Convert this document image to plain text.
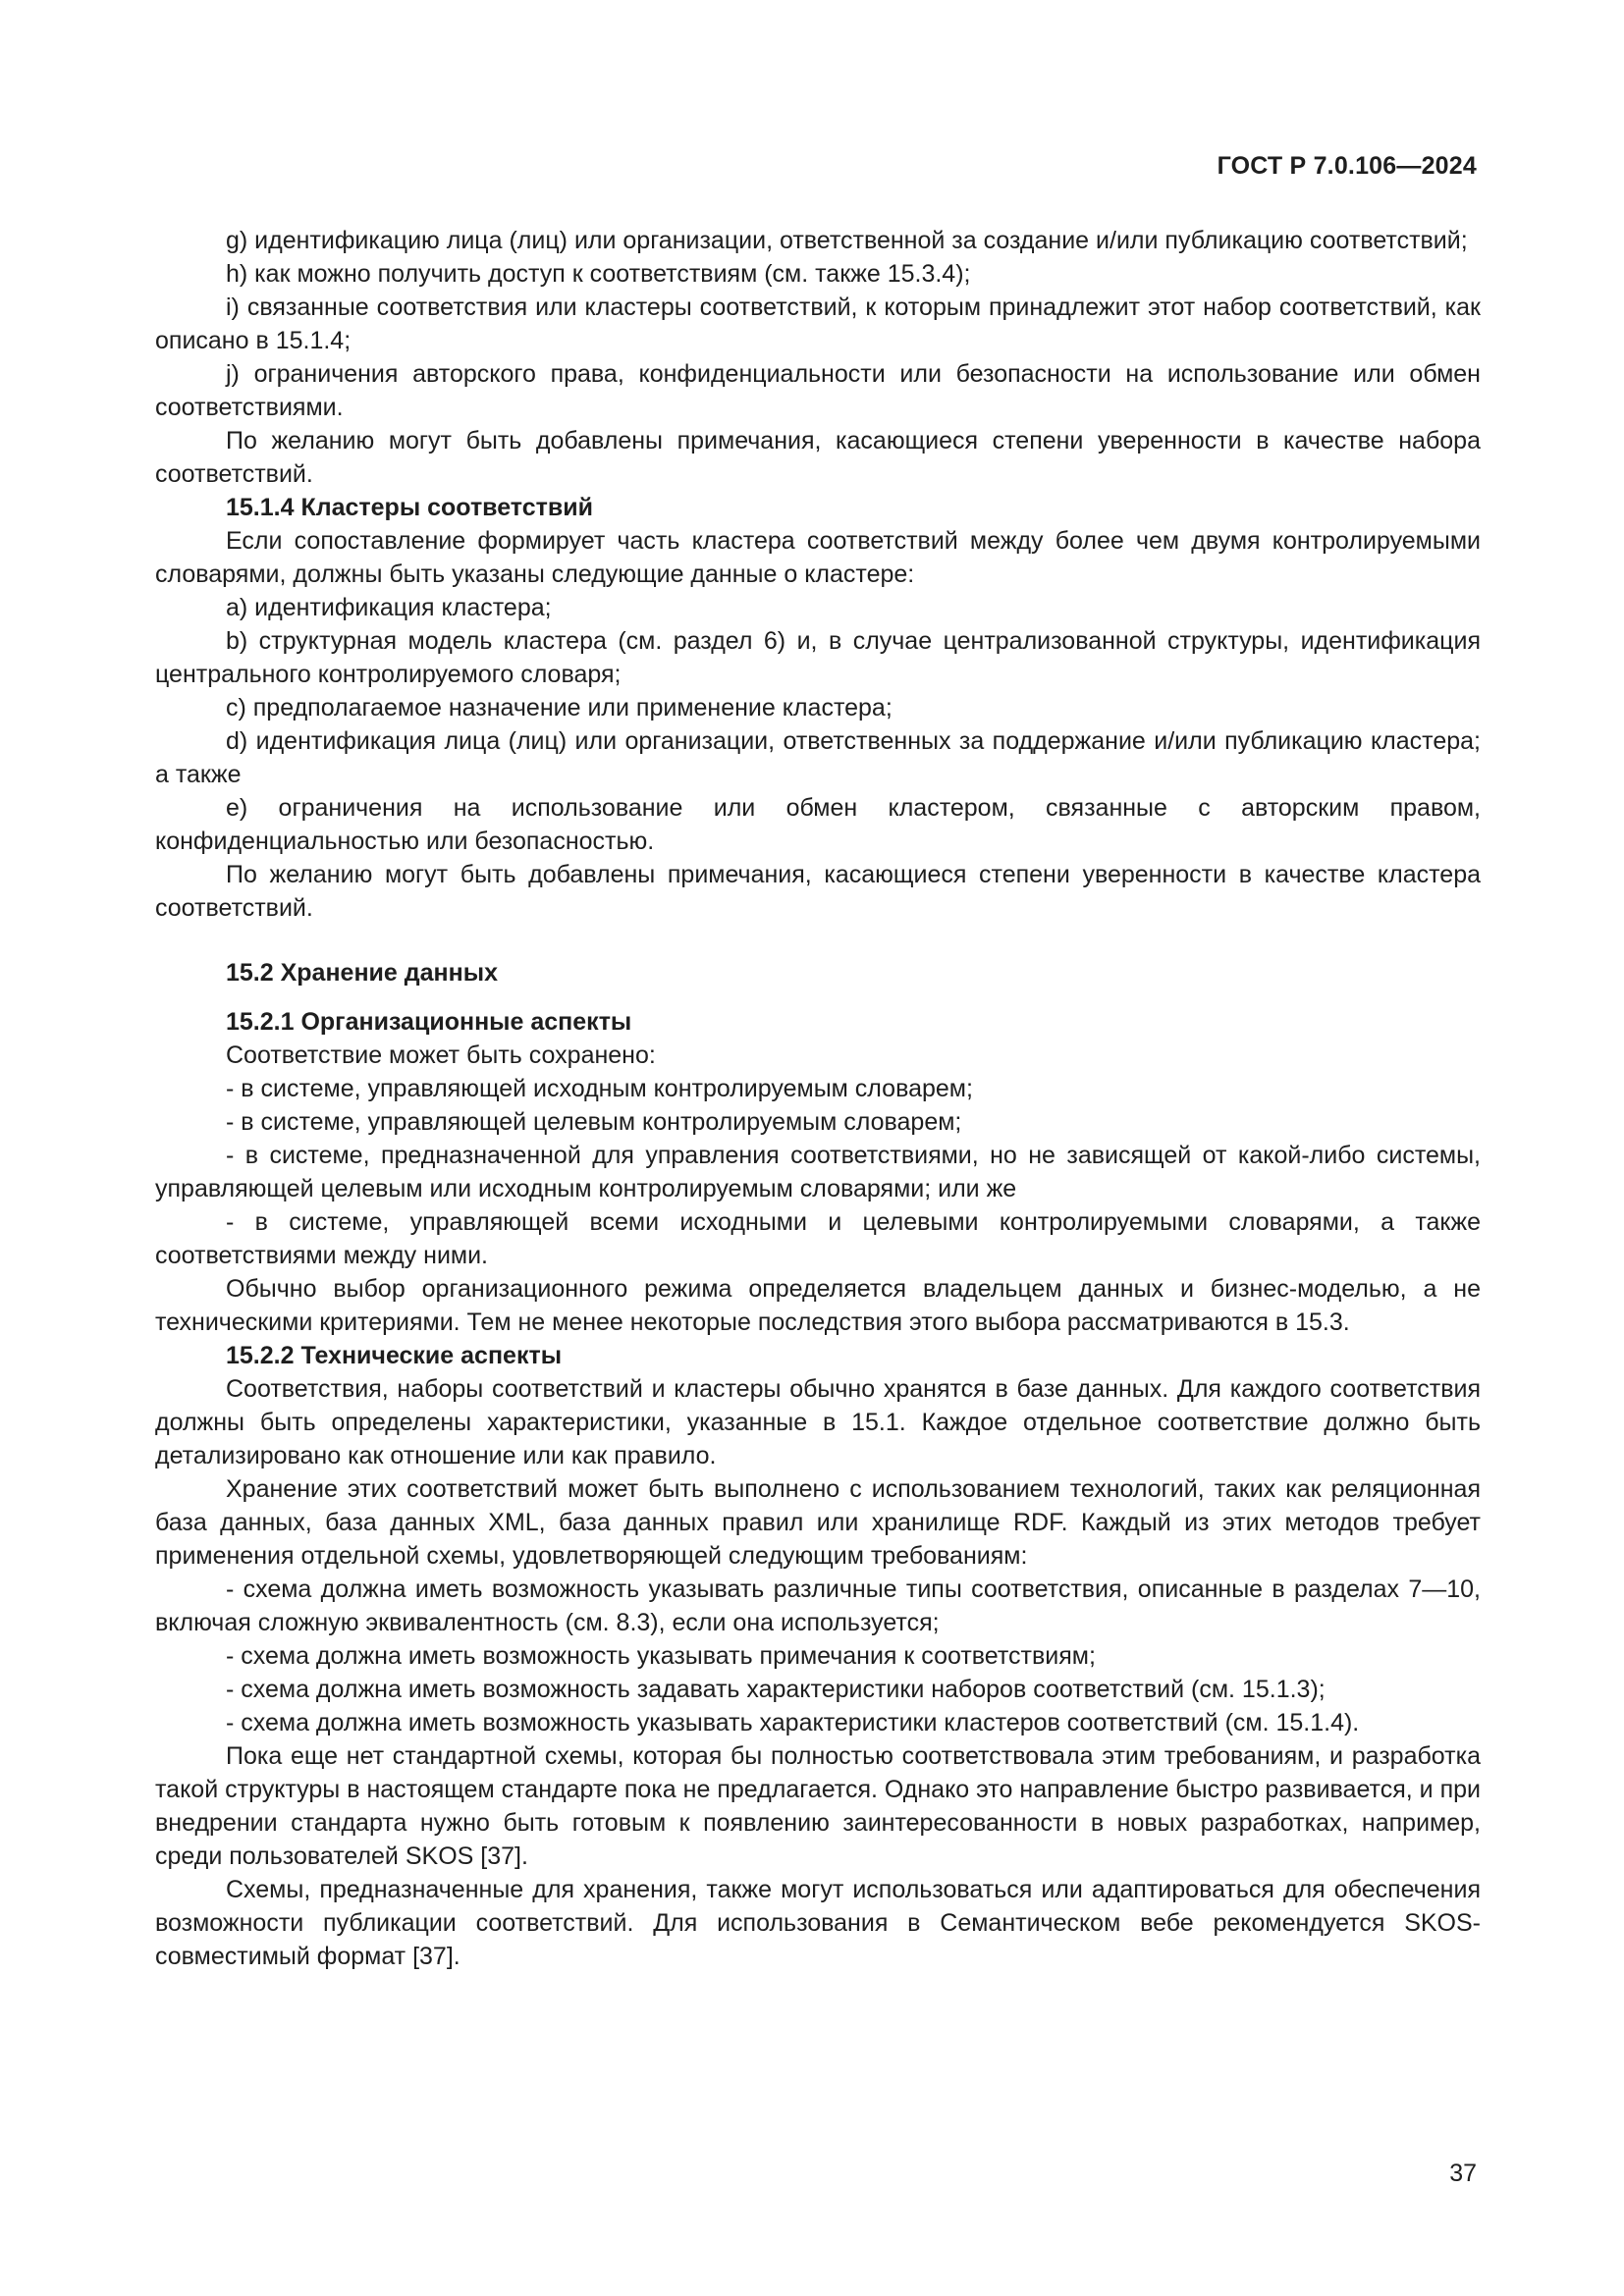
ГОСТ Р 7.0.106—2024

g) идентификацию лица (лиц) или организации, ответственной за создание и/или публикацию соответствий;

h) как можно получить доступ к соответствиям (см. также 15.3.4);

i) связанные соответствия или кластеры соответствий, к которым принадлежит этот набор соответствий, как описано в 15.1.4;

j) ограничения авторского права, конфиденциальности или безопасности на использование или обмен соответствиями.

По желанию могут быть добавлены примечания, касающиеся степени уверенности в качестве набора соответствий.

15.1.4 Кластеры соответствий

Если сопоставление формирует часть кластера соответствий между более чем двумя контролируемыми словарями, должны быть указаны следующие данные о кластере:

a) идентификация кластера;

b) структурная модель кластера (см. раздел 6) и, в случае централизованной структуры, идентификация центрального контролируемого словаря;

c) предполагаемое назначение или применение кластера;

d) идентификация лица (лиц) или организации, ответственных за поддержание и/или публикацию кластера; а также

e) ограничения на использование или обмен кластером, связанные с авторским правом, конфиденциальностью или безопасностью.

По желанию могут быть добавлены примечания, касающиеся степени уверенности в качестве кластера соответствий.

15.2 Хранение данных

15.2.1 Организационные аспекты

Соответствие может быть сохранено:

- в системе, управляющей исходным контролируемым словарем;

- в системе, управляющей целевым контролируемым словарем;

- в системе, предназначенной для управления соответствиями, но не зависящей от какой-либо системы, управляющей целевым или исходным контролируемым словарями; или же

- в системе, управляющей всеми исходными и целевыми контролируемыми словарями, а также соответствиями между ними.

Обычно выбор организационного режима определяется владельцем данных и бизнес-моделью, а не техническими критериями. Тем не менее некоторые последствия этого выбора рассматриваются в 15.3.

15.2.2 Технические аспекты

Соответствия, наборы соответствий и кластеры обычно хранятся в базе данных. Для каждого соответствия должны быть определены характеристики, указанные в 15.1. Каждое отдельное соответствие должно быть детализировано как отношение или как правило.

Хранение этих соответствий может быть выполнено с использованием технологий, таких как реляционная база данных, база данных XML, база данных правил или хранилище RDF. Каждый из этих методов требует применения отдельной схемы, удовлетворяющей следующим требованиям:

- схема должна иметь возможность указывать различные типы соответствия, описанные в разделах 7—10, включая сложную эквивалентность (см. 8.3), если она используется;

- схема должна иметь возможность указывать примечания к соответствиям;

- схема должна иметь возможность задавать характеристики наборов соответствий (см. 15.1.3);

- схема должна иметь возможность указывать характеристики кластеров соответствий (см. 15.1.4).

Пока еще нет стандартной схемы, которая бы полностью соответствовала этим требованиям, и разработка такой структуры в настоящем стандарте пока не предлагается. Однако это направление быстро развивается, и при внедрении стандарта нужно быть готовым к появлению заинтересованности в новых разработках, например, среди пользователей SKOS [37].

Схемы, предназначенные для хранения, также могут использоваться или адаптироваться для обеспечения возможности публикации соответствий. Для использования в Семантическом вебе рекомендуется SKOS-совместимый формат [37].

37
